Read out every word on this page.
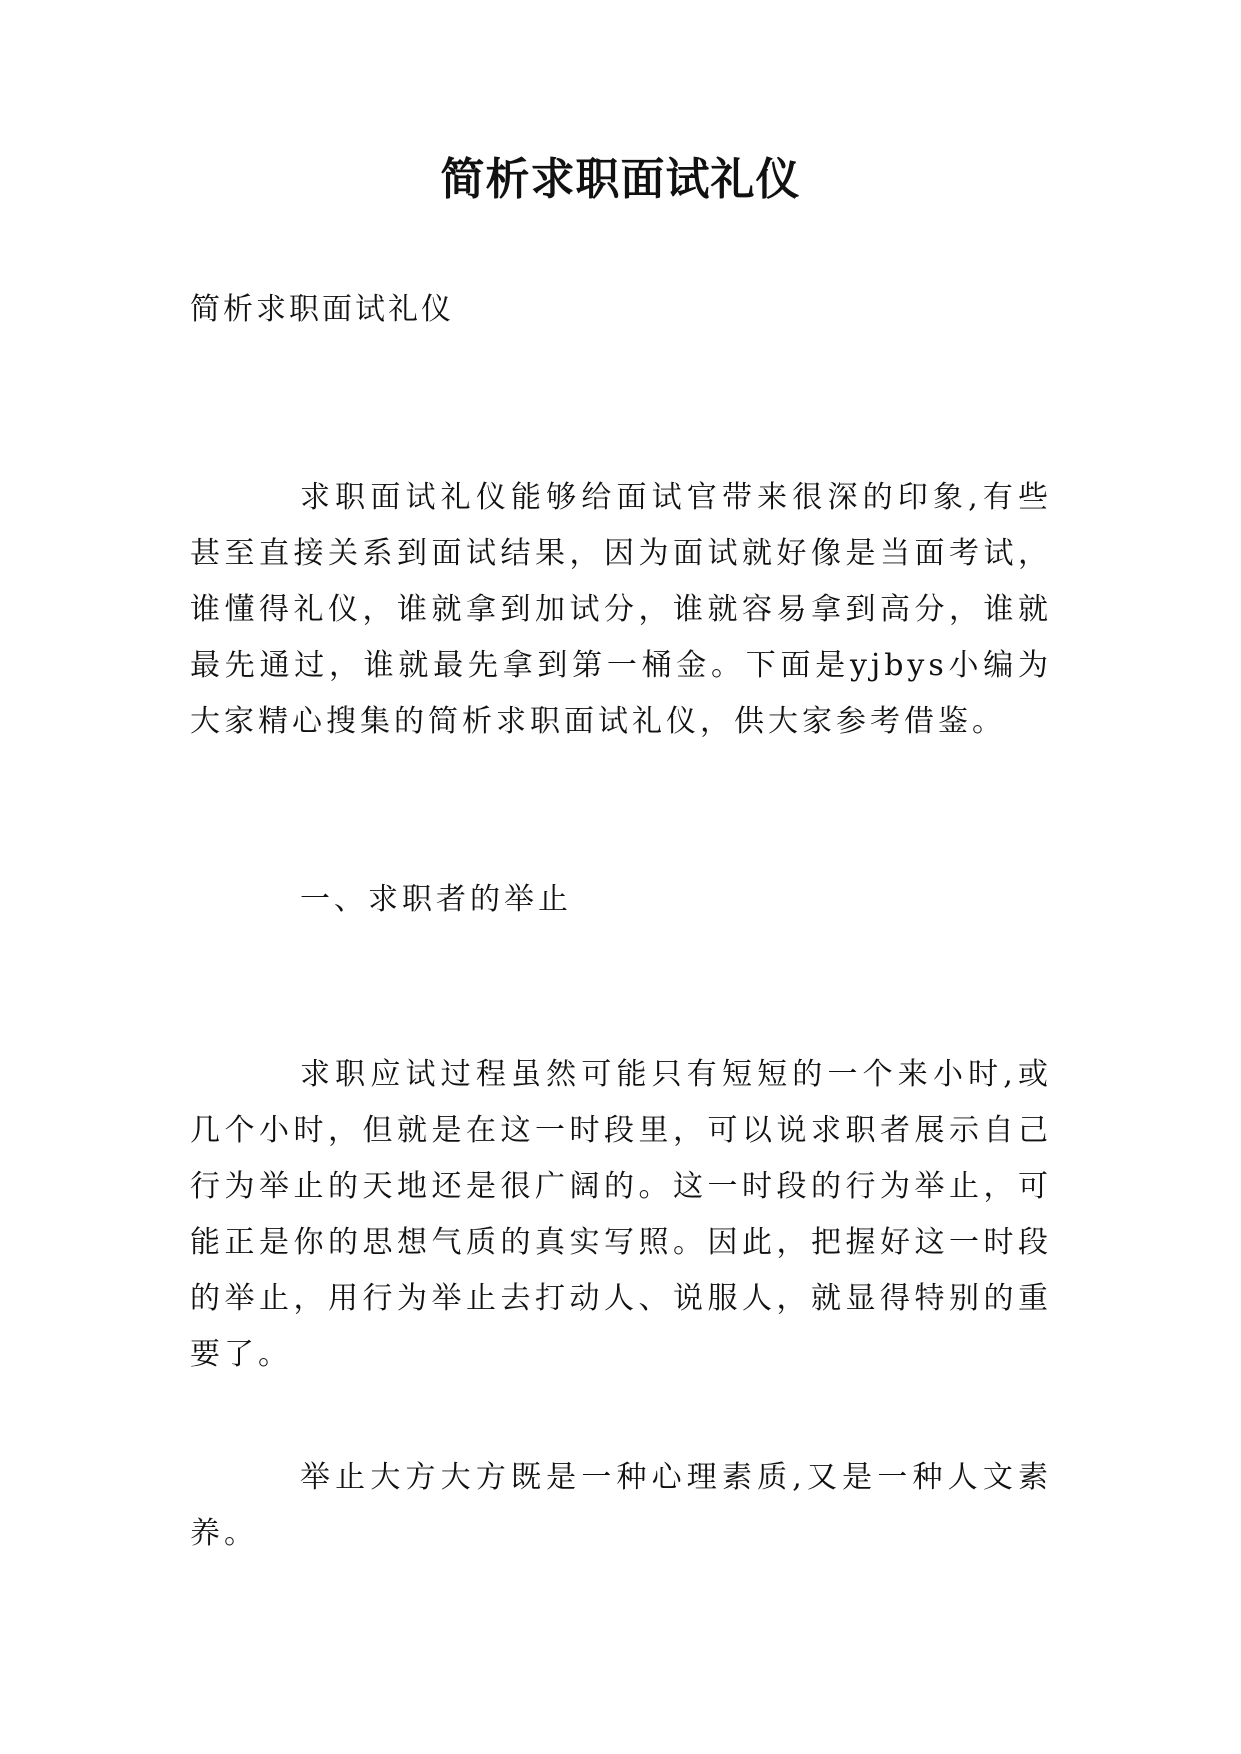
简析求职面试礼仪

简析求职面试礼仪

求职面试礼仪能够给面试官带来很深的印象,有些甚至直接关系到面试结果，因为面试就好像是当面考试，谁懂得礼仪，谁就拿到加试分，谁就容易拿到高分，谁就最先通过，谁就最先拿到第一桶金。下面是yjbys小编为大家精心搜集的简析求职面试礼仪，供大家参考借鉴。

一、求职者的举止

求职应试过程虽然可能只有短短的一个来小时,或几个小时，但就是在这一时段里，可以说求职者展示自己行为举止的天地还是很广阔的。这一时段的行为举止，可能正是你的思想气质的真实写照。因此，把握好这一时段的举止，用行为举止去打动人、说服人，就显得特别的重要了。

举止大方大方既是一种心理素质,又是一种人文素养。
